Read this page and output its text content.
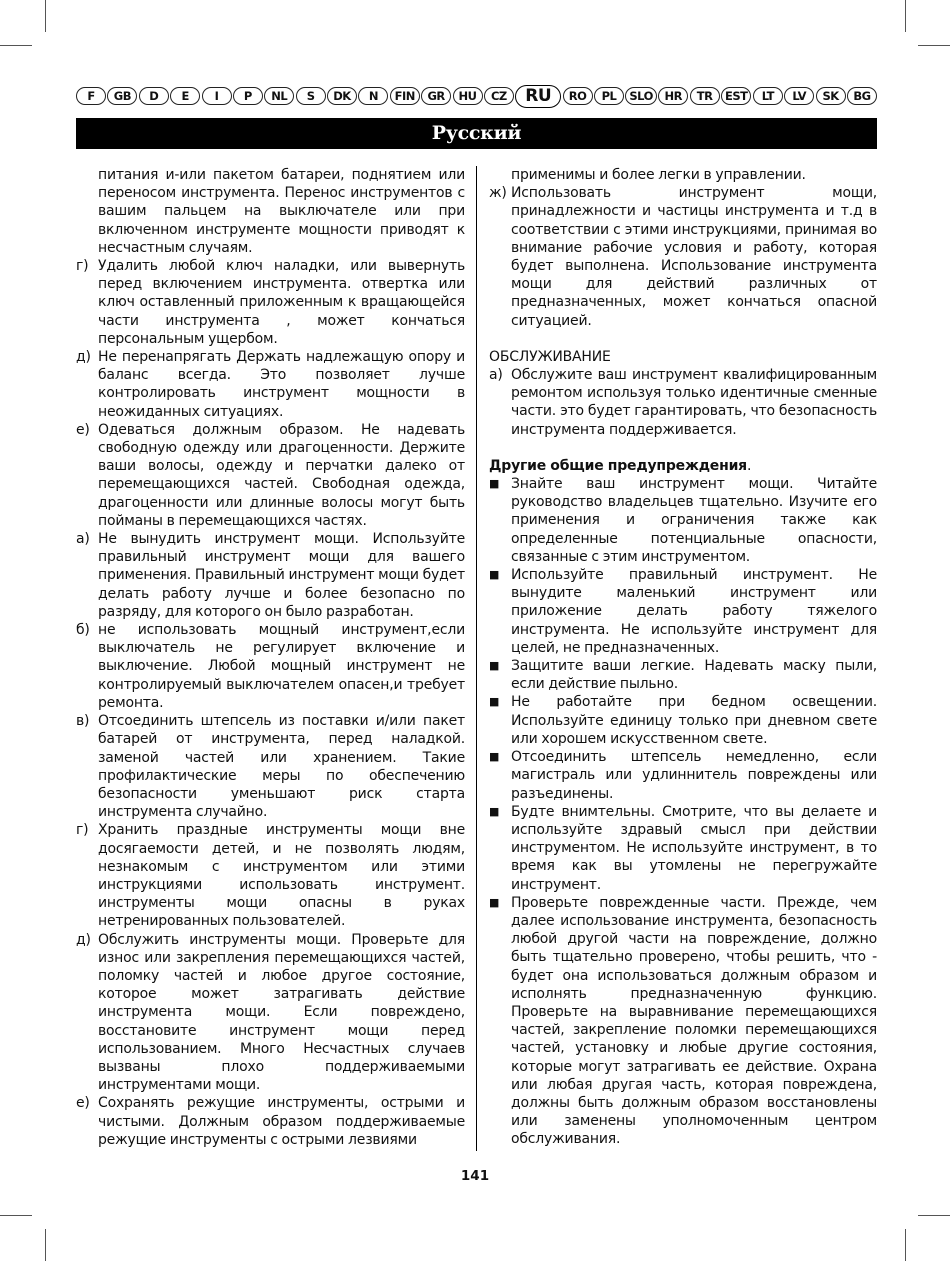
F	GB	D	E	I	P	NL	S	DK	N	FIN	GR	HU	CZ	RU	RO	PL	SLO	HR	TR	EST	LT	LV	SK	BG
Русский

питания и-или пакетом батареи, поднятием или переносом инструмента. Перенос инструментов с вашим пальцем на выключателе или при включенном инструменте мощности приводят к несчастным случаям.

г) Удалить любой ключ наладки, или вывернуть перед включением инструмента. отвертка или ключ оставленный приложенным к вращающейся части инструмента , может кончаться персональным ущербом.
д) Не перенапрягать Держать надлежащую опору и баланс всегда. Это позволяет лучше контролировать инструмент мощности в неожиданных ситуациях.
е) Одеваться должным образом. Не надевать свободную одежду или драгоценности. Держите ваши волосы, одежду и перчатки далеко от перемещающихся частей. Свободная одежда, драгоценности или длинные волосы могут быть пойманы в перемещающихся частях.
а) Не вынудить инструмент мощи. Используйте правильный инструмент мощи для вашего применения. Правильный инструмент мощи будет делать работу лучше и более безопасно по разряду, для которого он было разработан.
б) не использовать мощный инструмент,если выключатель не регулирует включение и выключение. Любой мощный инструмент не контролируемый выключателем опасен,и требует ремонта.
в) Отсоединить штепсель из поставки и/или пакет батарей от инструмента, перед наладкой. заменой частей или хранением. Такие профилактические меры по обеспечению безопасности уменьшают риск старта инструмента случайно.
г) Хранить праздные инструменты мощи вне досягаемости детей, и не позволять людям, незнакомым с инструментом или этими инструкциями использовать инструмент. инструменты мощи опасны в руках нетренированных пользователей.
д) Обслужить инструменты мощи. Проверьте для износ или закрепления перемещающихся частей, поломку частей и любое другое состояние, которое может затрагивать действие инструмента мощи. Если повреждено, восстановите инструмент мощи перед использованием. Много Несчастных случаев вызваны плохо поддерживаемыми инструментами мощи.
е) Сохранять режущие инструменты, острыми и чистыми. Должным образом поддерживаемые режущие инструменты с острыми лезвиями

применимы и более легки в управлении.

ж) Использовать инструмент мощи, принадлежности и частицы инструмента и т.д в соответствии с этими инструкциями, принимая во внимание рабочие условия и работу, которая будет выполнена. Использование инструмента мощи для действий различных от предназначенных, может кончаться опасной ситуацией.

ОБСЛУЖИВАНИЕ

а) Обслужите ваш инструмент квалифицированным ремонтом используя только идентичные сменные части. это будет гарантировать, что безопасность инструмента поддерживается.

Другие общие предупреждения.

■ Знайте ваш инструмент мощи. Читайте руководство владельцев тщательно. Изучите его применения и ограничения также как определенные потенциальные опасности, связанные с этим инструментом.
■ Используйте правильный инструмент. Не вынудите маленький инструмент или приложение делать работу тяжелого инструмента. Не используйте инструмент для целей, не предназначенных.
■ Защитите ваши легкие. Надевать маску пыли, если действие пыльно.
■ Не работайте при бедном освещении. Используйте единицу только при дневном свете или хорошем искусственном свете.
■ Отсоединить штепсель немедленно, если магистраль или удлиннитель повреждены или разъединены.
■ Будте внимтельны. Смотрите, что вы делаете и используйте здравый смысл при действии инструментом. Не используйте инструмент, в то время как вы утомлены не перегружайте инструмент.
■ Проверьте поврежденные части. Прежде, чем далее использование инструмента, безопасность любой другой части на повреждение, должно быть тщательно проверено, чтобы решить, что - будет она использоваться должным образом и исполнять предназначенную функцию. Проверьте на выравнивание перемещающихся частей, закрепление поломки перемещающихся частей, установку и любые другие состояния, которые могут затрагивать ее действие. Охрана или любая другая часть, которая повреждена, должны быть должным образом восстановлены или заменены уполномоченным центром обслуживания.
141
